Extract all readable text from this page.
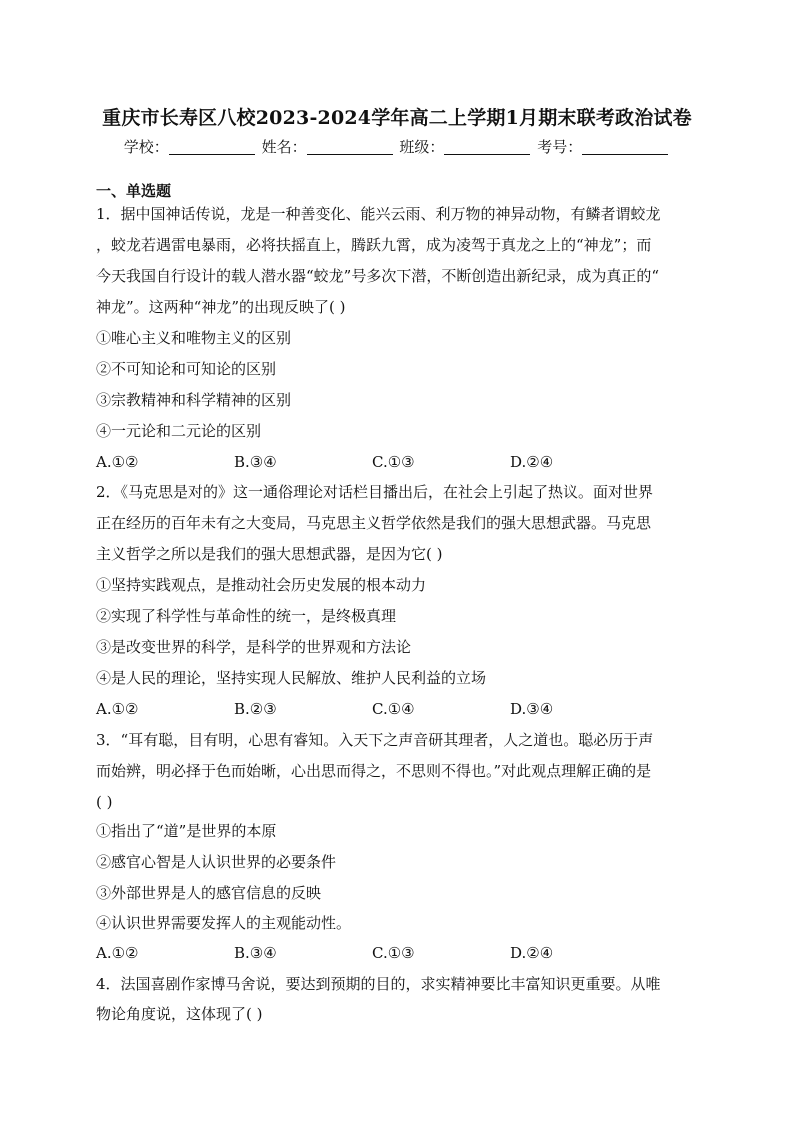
重庆市长寿区八校2023-2024学年高二上学期1月期末联考政治试卷
学校：	姓名：	班级：	考号：
一、单选题
1．据中国神话传说，龙是一种善变化、能兴云雨、利万物的神异动物，有鳞者谓蛟龙
，蛟龙若遇雷电暴雨，必将扶摇直上，腾跃九霄，成为凌驾于真龙之上的“神龙”；而
今天我国自行设计的载人潜水器“蛟龙”号多次下潜，不断创造出新纪录，成为真正的“
神龙”。这两种“神龙”的出现反映了( )
①唯心主义和唯物主义的区别
②不可知论和可知论的区别
③宗教精神和科学精神的区别
④一元论和二元论的区别
A.①②	B.③④	C.①③	D.②④
2．《马克思是对的》这一通俗理论对话栏目播出后，在社会上引起了热议。面对世界
正在经历的百年未有之大变局，马克思主义哲学依然是我们的强大思想武器。马克思
主义哲学之所以是我们的强大思想武器，是因为它( )
①坚持实践观点，是推动社会历史发展的根本动力
②实现了科学性与革命性的统一，是终极真理
③是改变世界的科学，是科学的世界观和方法论
④是人民的理论，坚持实现人民解放、维护人民利益的立场
A.①②	B.②③	C.①④	D.③④
3．“耳有聪，目有明，心思有睿知。入天下之声音研其理者，人之道也。聪必历于声
而始辨，明必择于色而始晰，心出思而得之，不思则不得也。”对此观点理解正确的是
( )
①指出了“道”是世界的本原
②感官心智是人认识世界的必要条件
③外部世界是人的感官信息的反映
④认识世界需要发挥人的主观能动性。
A.①②	B.③④	C.①③	D.②④
4．法国喜剧作家博马舍说，要达到预期的目的，求实精神要比丰富知识更重要。从唯
物论角度说，这体现了( )
